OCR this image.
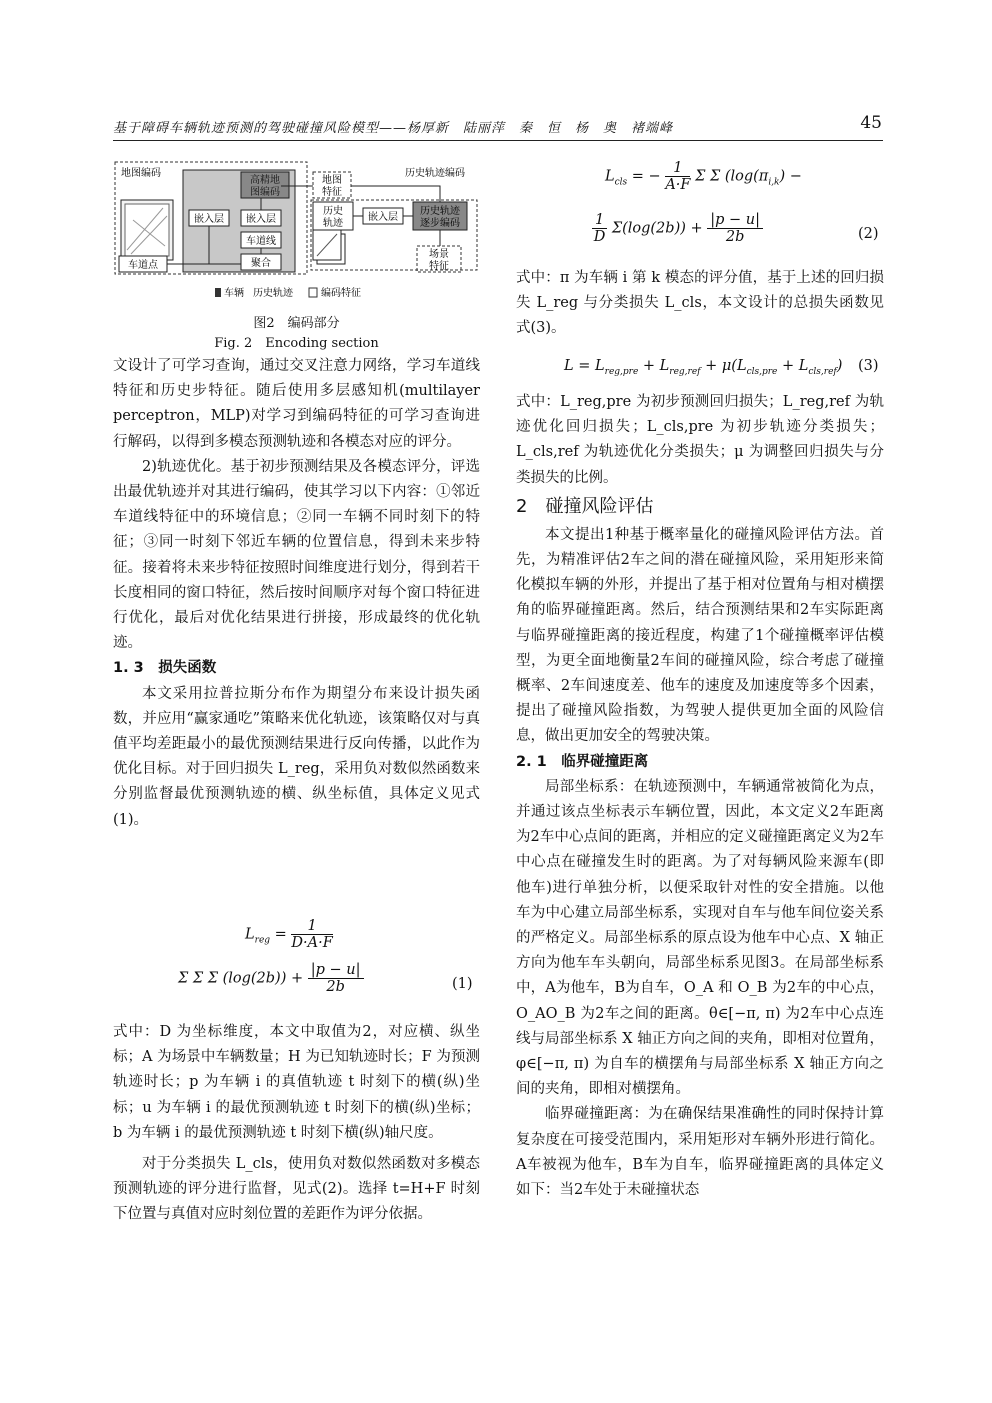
基于障碍车辆轨迹预测的驾驶碰撞风险模型——杨厚新　陆丽萍　秦　恒　杨　奥　褚端峰	45
地图编码
高精地
图编码
嵌入层 嵌入层
车道线
聚合
车道点
地图
特征
历史轨迹编码
历史
轨迹
嵌入层
历史轨迹
逐步编码
场景
特征
车辆 历史轨迹	编码特征
图2　编码部分
Fig. 2　Encoding section

文设计了可学习查询，通过交叉注意力网络，学习车道线特征和历史步特征。随后使用多层感知机(multilayer perceptron，MLP)对学习到编码特征的可学习查询进行解码，以得到多模态预测轨迹和各模态对应的评分。

2)轨迹优化。基于初步预测结果及各模态评分，评选出最优轨迹并对其进行编码，使其学习以下内容：①邻近车道线特征中的环境信息；②同一车辆不同时刻下的特征；③同一时刻下邻近车辆的位置信息，得到未来步特征。接着将未来步特征按照时间维度进行划分，得到若干长度相同的窗口特征，然后按时间顺序对每个窗口特征进行优化，最后对优化结果进行拼接，形成最终的优化轨迹。

1. 3　损失函数

本文采用拉普拉斯分布作为期望分布来设计损失函数，并应用“赢家通吃”策略来优化轨迹，该策略仅对与真值平均差距最小的最优预测结果进行反向传播，以此作为优化目标。对于回归损失 L_reg，采用负对数似然函数来分别监督最优预测轨迹的横、纵坐标值，具体定义见式(1)。

$L_{reg} = \frac{1}{D\cdot A\cdot F}$
Σ Σ Σ $(\log(2b)) + \frac{|p - u|}{2b}$	(1)

式中：D 为坐标维度，本文中取值为2，对应横、纵坐标；A 为场景中车辆数量；H 为已知轨迹时长；F 为预测轨迹时长；p 为车辆 i 的真值轨迹 t 时刻下的横(纵)坐标；u 为车辆 i 的最优预测轨迹 t 时刻下的横(纵)坐标；b 为车辆 i 的最优预测轨迹 t 时刻下横(纵)轴尺度。

对于分类损失 L_cls，使用负对数似然函数对多模态预测轨迹的评分进行监督，见式(2)。选择 t=H+F 时刻下位置与真值对应时刻位置的差距作为评分依据。

$L_{cls}$ = − $\frac{1}{A\cdot F}$ Σ Σ ($\log(\pi_{i,k})$ −
$\frac{1}{D} \Sigma(\log(2b)) + \frac{|p - u|}{2b}$	(2)

式中：π 为车辆 i 第 k 模态的评分值，基于上述的回归损失 L_reg 与分类损失 L_cls，本文设计的总损失函数见式(3)。

$L = L_{reg,pre} + L_{reg,ref} + \mu(L_{cls,pre} + L_{cls,ref})$ (3)

式中：L_reg,pre 为初步预测回归损失；L_reg,ref 为轨迹优化回归损失；L_cls,pre 为初步轨迹分类损失；L_cls,ref 为轨迹优化分类损失；μ 为调整回归损失与分类损失的比例。

2　碰撞风险评估

本文提出1种基于概率量化的碰撞风险评估方法。首先，为精准评估2车之间的潜在碰撞风险，采用矩形来简化模拟车辆的外形，并提出了基于相对位置角与相对横摆角的临界碰撞距离。然后，结合预测结果和2车实际距离与临界碰撞距离的接近程度，构建了1个碰撞概率评估模型，为更全面地衡量2车间的碰撞风险，综合考虑了碰撞概率、2车间速度差、他车的速度及加速度等多个因素，提出了碰撞风险指数，为驾驶人提供更加全面的风险信息，做出更加安全的驾驶决策。

2. 1　临界碰撞距离

局部坐标系：在轨迹预测中，车辆通常被简化为点，并通过该点坐标表示车辆位置，因此，本文定义2车距离为2车中心点间的距离，并相应的定义碰撞距离定义为2车中心点在碰撞发生时的距离。为了对每辆风险来源车(即他车)进行单独分析，以便采取针对性的安全措施。以他车为中心建立局部坐标系，实现对自车与他车间位姿关系的严格定义。局部坐标系的原点设为他车中心点、X 轴正方向为他车车头朝向，局部坐标系见图3。在局部坐标系中，A为他车，B为自车，O_A 和 O_B 为2车的中心点，O_AO_B 为2车之间的距离。θ∈[−π, π) 为2车中心点连线与局部坐标系 X 轴正方向之间的夹角，即相对位置角，φ∈[−π, π) 为自车的横摆角与局部坐标系 X 轴正方向之间的夹角，即相对横摆角。

临界碰撞距离：为在确保结果准确性的同时保持计算复杂度在可接受范围内，采用矩形对车辆外形进行简化。A车被视为他车，B车为自车，临界碰撞距离的具体定义如下：当2车处于未碰撞状态
